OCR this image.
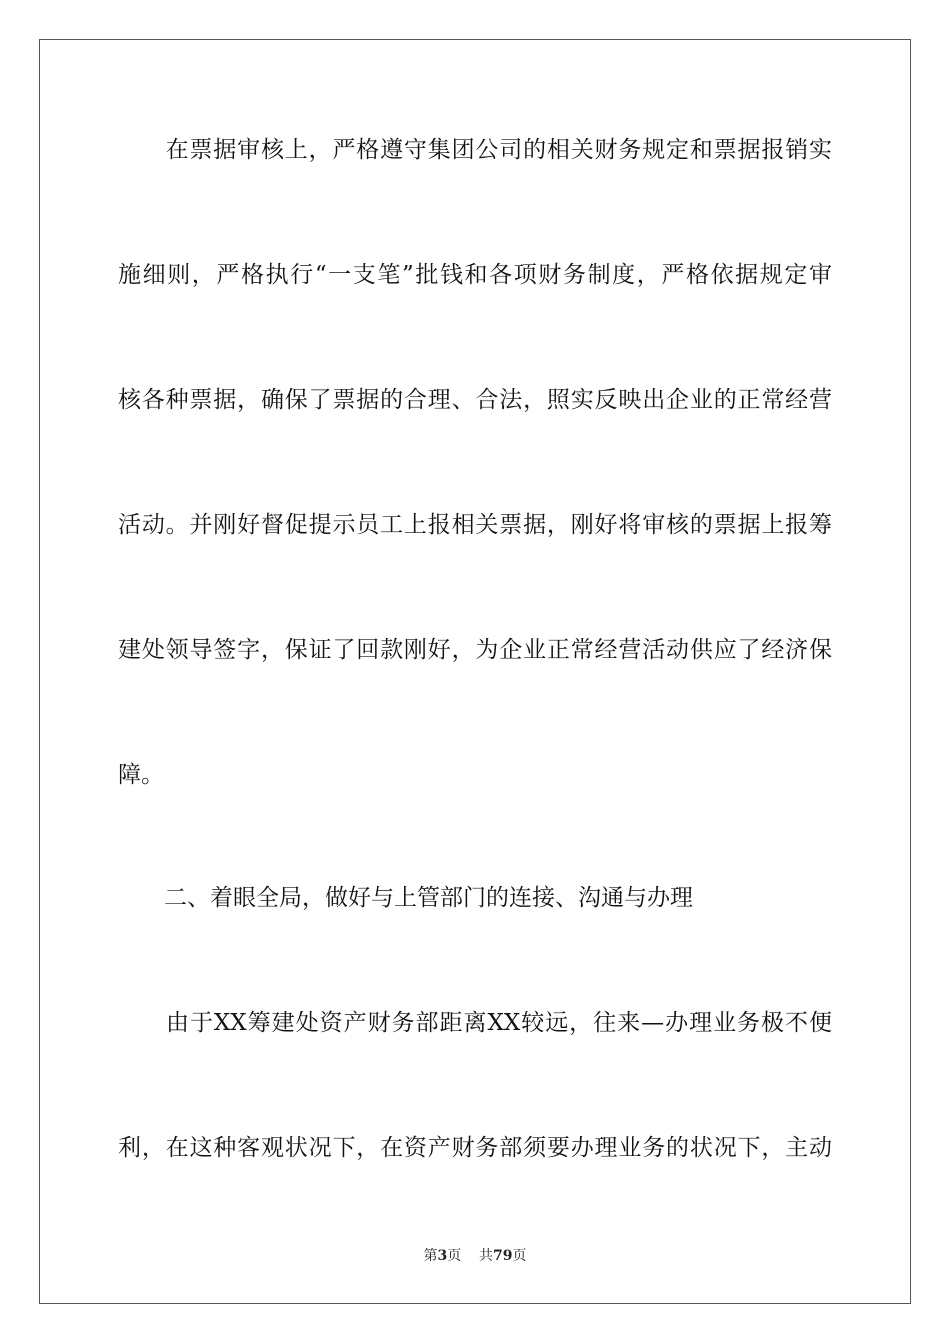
　　在票据审核上，严格遵守集团公司的相关财务规定和票据报销实
施细则，严格执行“一支笔”批钱和各项财务制度，严格依据规定审
核各种票据，确保了票据的合理、合法，照实反映出企业的正常经营
活动。并刚好督促提示员工上报相关票据，刚好将审核的票据上报筹
建处领导签字，保证了回款刚好，为企业正常经营活动供应了经济保
障。
　　二、着眼全局，做好与上管部门的连接、沟通与办理
　　由于XX筹建处资产财务部距离XX较远，往来—办理业务极不便
利，在这种客观状况下，在资产财务部须要办理业务的状况下，主动
第3页 共79页
